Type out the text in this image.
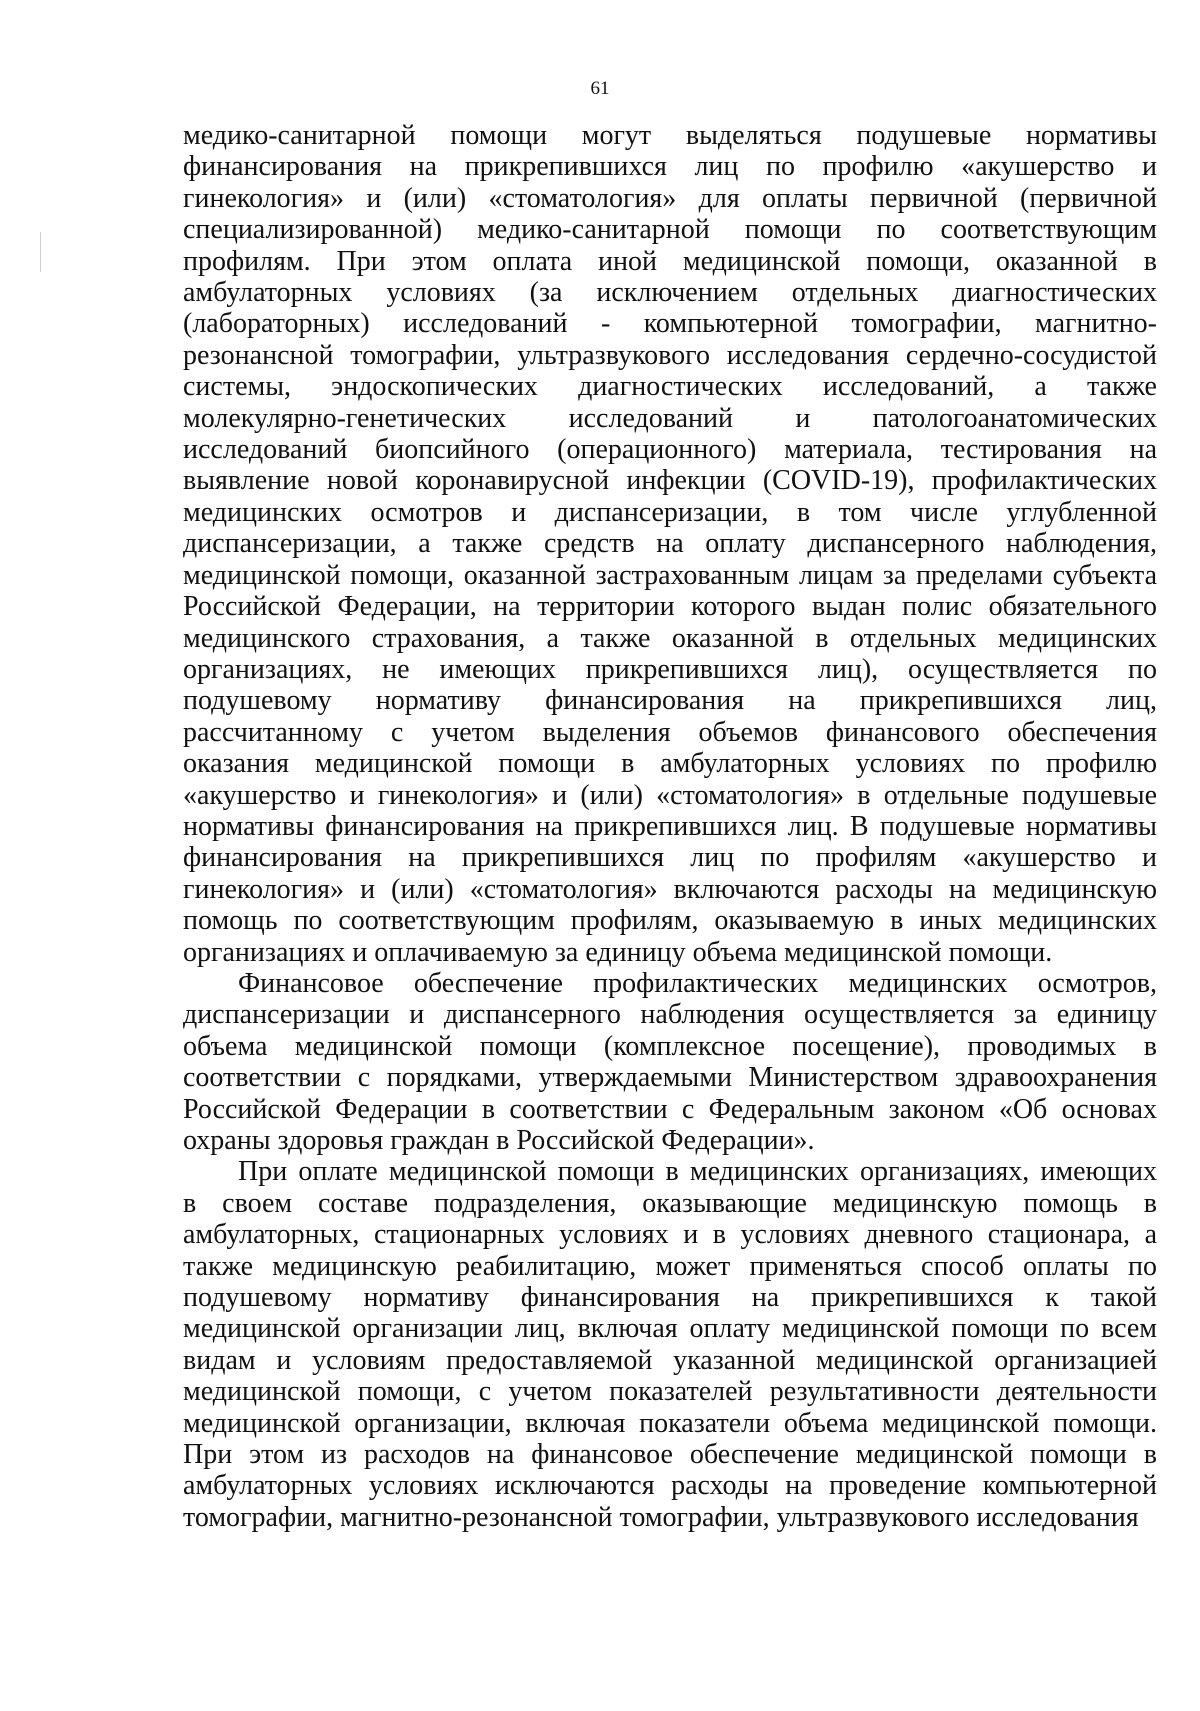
61
медико-санитарной помощи могут выделяться подушевые нормативы
финансирования на прикрепившихся лиц по профилю «акушерство и
гинекология» и (или) «стоматология» для оплаты первичной (первичной
специализированной) медико-санитарной помощи по соответствующим
профилям. При этом оплата иной медицинской помощи, оказанной в
амбулаторных условиях (за исключением отдельных диагностических
(лабораторных) исследований - компьютерной томографии, магнитно-
резонансной томографии, ультразвукового исследования сердечно-сосудистой
системы, эндоскопических диагностических исследований, а также
молекулярно-генетических исследований и патологоанатомических
исследований биопсийного (операционного) материала, тестирования на
выявление новой коронавирусной инфекции (COVID-19), профилактических
медицинских осмотров и диспансеризации, в том числе углубленной
диспансеризации, а также средств на оплату диспансерного наблюдения,
медицинской помощи, оказанной застрахованным лицам за пределами субъекта
Российской Федерации, на территории которого выдан полис обязательного
медицинского страхования, а также оказанной в отдельных медицинских
организациях, не имеющих прикрепившихся лиц), осуществляется по
подушевому нормативу финансирования на прикрепившихся лиц,
рассчитанному с учетом выделения объемов финансового обеспечения
оказания медицинской помощи в амбулаторных условиях по профилю
«акушерство и гинекология» и (или) «стоматология» в отдельные подушевые
нормативы финансирования на прикрепившихся лиц. В подушевые нормативы
финансирования на прикрепившихся лиц по профилям «акушерство и
гинекология» и (или) «стоматология» включаются расходы на медицинскую
помощь по соответствующим профилям, оказываемую в иных медицинских
организациях и оплачиваемую за единицу объема медицинской помощи.
Финансовое обеспечение профилактических медицинских осмотров,
диспансеризации и диспансерного наблюдения осуществляется за единицу
объема медицинской помощи (комплексное посещение), проводимых в
соответствии с порядками, утверждаемыми Министерством здравоохранения
Российской Федерации в соответствии с Федеральным законом «Об основах
охраны здоровья граждан в Российской Федерации».
При оплате медицинской помощи в медицинских организациях, имеющих
в своем составе подразделения, оказывающие медицинскую помощь в
амбулаторных, стационарных условиях и в условиях дневного стационара, а
также медицинскую реабилитацию, может применяться способ оплаты по
подушевому нормативу финансирования на прикрепившихся к такой
медицинской организации лиц, включая оплату медицинской помощи по всем
видам и условиям предоставляемой указанной медицинской организацией
медицинской помощи, с учетом показателей результативности деятельности
медицинской организации, включая показатели объема медицинской помощи.
При этом из расходов на финансовое обеспечение медицинской помощи в
амбулаторных условиях исключаются расходы на проведение компьютерной
томографии, магнитно-резонансной томографии, ультразвукового исследования
